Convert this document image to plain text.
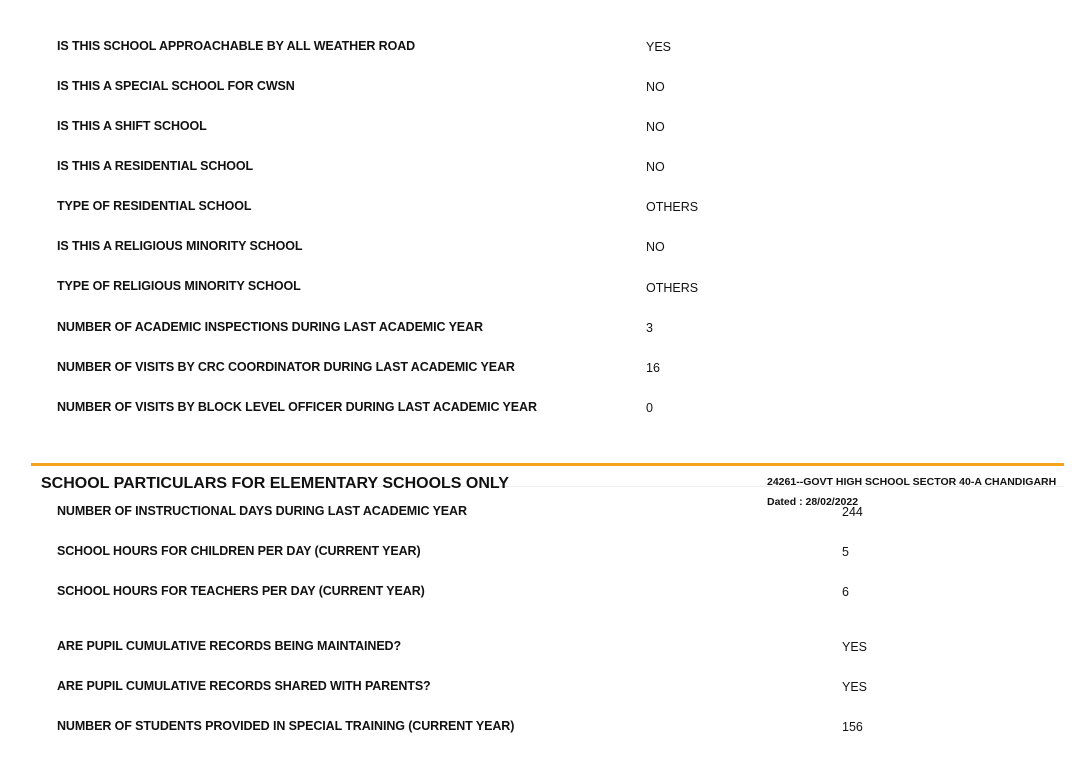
IS THIS SCHOOL APPROACHABLE BY ALL WEATHER ROAD	YES
IS THIS A SPECIAL SCHOOL FOR CWSN	NO
IS THIS A SHIFT SCHOOL	NO
IS THIS A RESIDENTIAL SCHOOL	NO
TYPE OF RESIDENTIAL SCHOOL	OTHERS
IS THIS A RELIGIOUS MINORITY SCHOOL	NO
TYPE OF RELIGIOUS MINORITY SCHOOL	OTHERS
NUMBER OF ACADEMIC INSPECTIONS DURING LAST ACADEMIC YEAR	3
NUMBER OF VISITS BY CRC COORDINATOR DURING LAST ACADEMIC YEAR	16
NUMBER OF VISITS BY BLOCK LEVEL OFFICER DURING LAST ACADEMIC YEAR	0
SCHOOL PARTICULARS FOR ELEMENTARY SCHOOLS ONLY	24261--GOVT HIGH SCHOOL SECTOR 40-A CHANDIGARH
Dated : 28/02/2022
NUMBER OF INSTRUCTIONAL DAYS DURING LAST ACADEMIC YEAR	244
SCHOOL HOURS FOR CHILDREN PER DAY (CURRENT YEAR)	5
SCHOOL HOURS FOR TEACHERS PER DAY (CURRENT YEAR)	6
ARE PUPIL CUMULATIVE RECORDS BEING MAINTAINED?	YES
ARE PUPIL CUMULATIVE RECORDS SHARED WITH PARENTS?	YES
NUMBER OF STUDENTS PROVIDED IN SPECIAL TRAINING (CURRENT YEAR)	156
